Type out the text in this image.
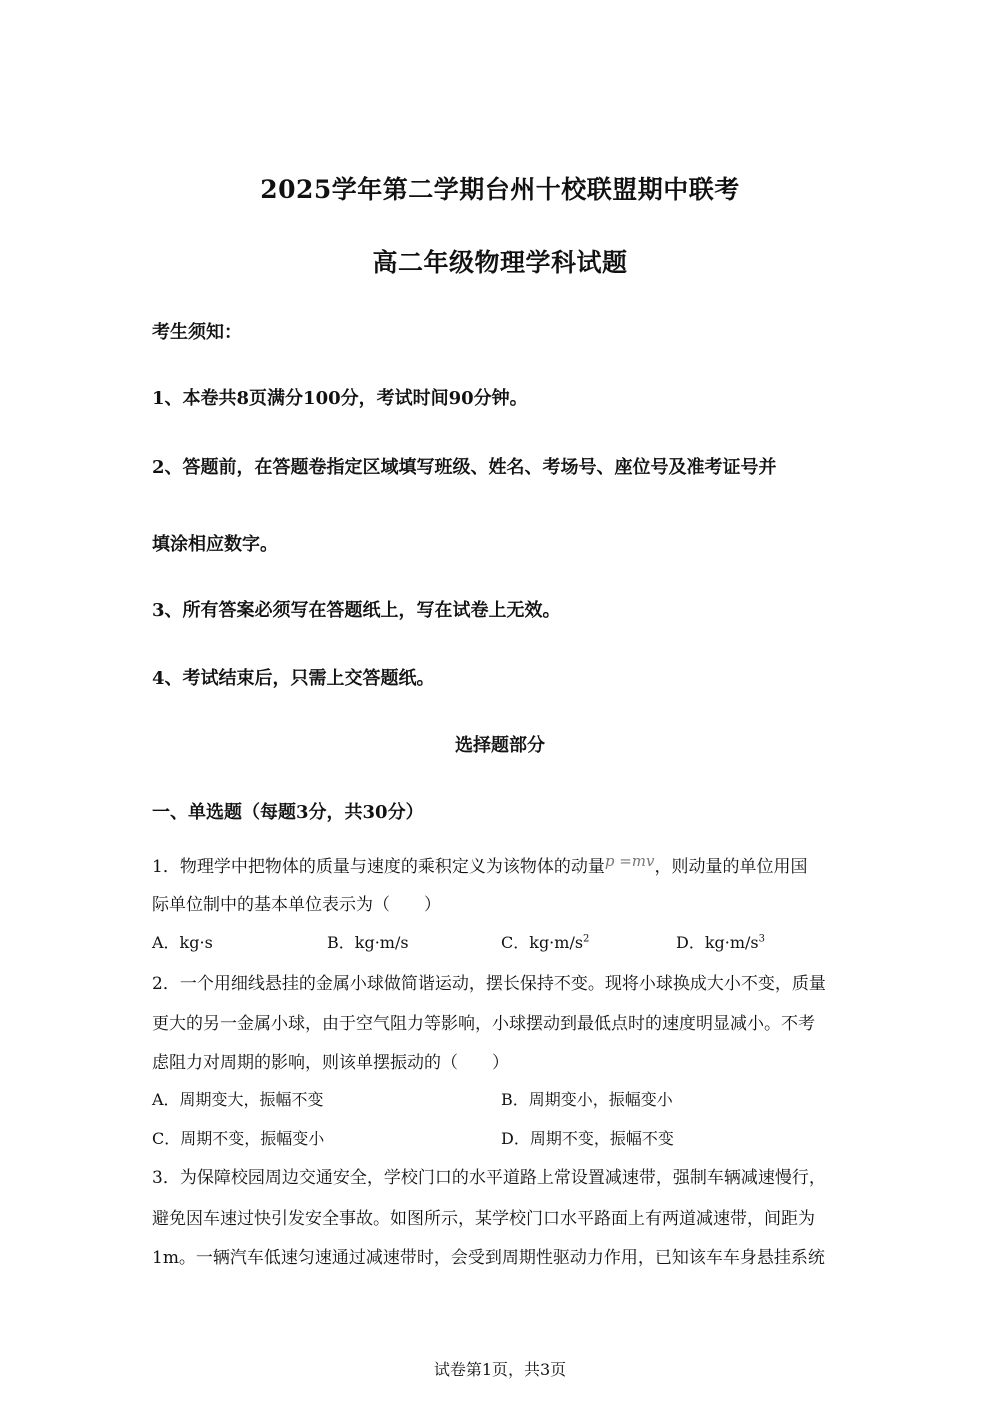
2025学年第二学期台州十校联盟期中联考
高二年级物理学科试题
考生须知：
1、本卷共8页满分100分，考试时间90分钟。
2、答题前，在答题卷指定区域填写班级、姓名、考场号、座位号及准考证号并
填涂相应数字。
3、所有答案必须写在答题纸上，写在试卷上无效。
4、考试结束后，只需上交答题纸。
选择题部分
一、单选题（每题3分，共30分）
1．物理学中把物体的质量与速度的乘积定义为该物体的动量p =mv，则动量的单位用国
际单位制中的基本单位表示为（　　）
A．kg·s	B．kg·m/s	C．$kg\cdot m/s^2$	D．$kg\cdot m/s^3$
2．一个用细线悬挂的金属小球做简谐运动，摆长保持不变。现将小球换成大小不变，质量
更大的另一金属小球，由于空气阻力等影响，小球摆动到最低点时的速度明显减小。不考
虑阻力对周期的影响，则该单摆振动的（　　）
A．周期变大，振幅不变	B．周期变小，振幅变小
C．周期不变，振幅变小	D．周期不变，振幅不变
3．为保障校园周边交通安全，学校门口的水平道路上常设置减速带，强制车辆减速慢行，
避免因车速过快引发安全事故。如图所示，某学校门口水平路面上有两道减速带，间距为
1m。一辆汽车低速匀速通过减速带时，会受到周期性驱动力作用，已知该车车身悬挂系统
试卷第1页，共3页
